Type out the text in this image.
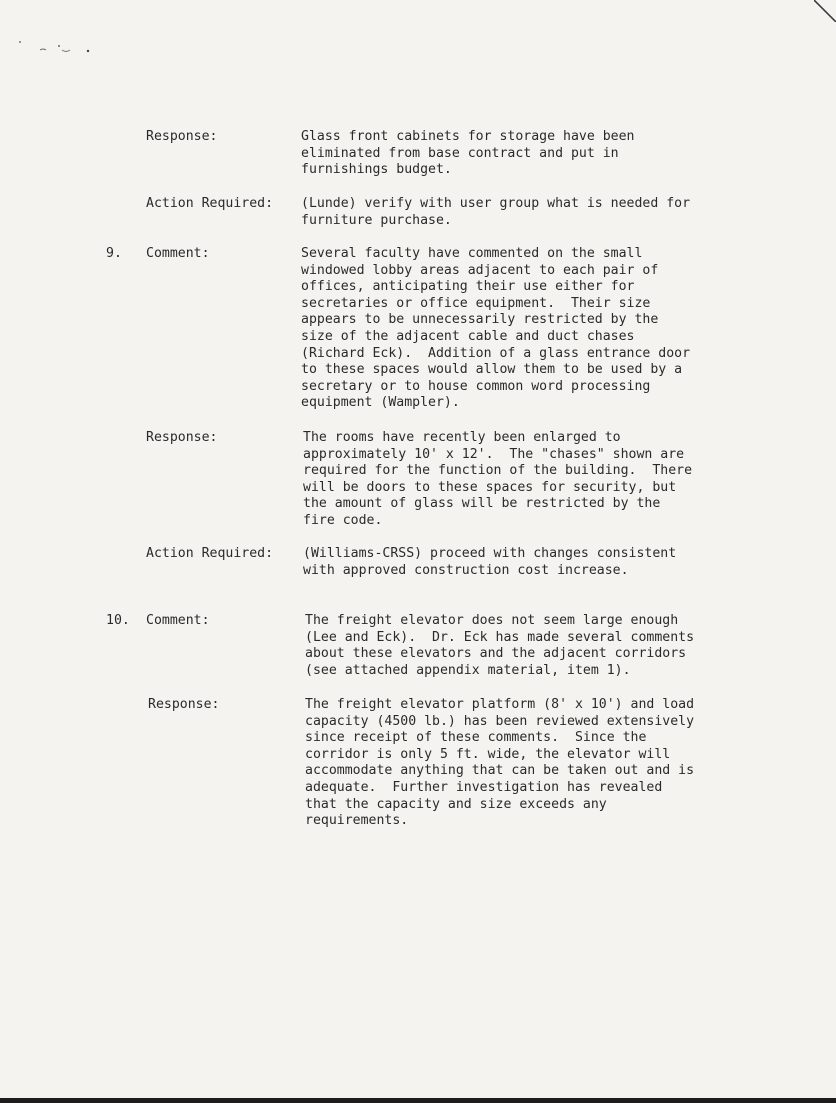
Response:	Glass front cabinets for storage have been
eliminated from base contract and put in
furnishings budget.
Action Required: (Lunde) verify with user group what is needed for
furniture purchase.
9. Comment:	Several faculty have commented on the small
windowed lobby areas adjacent to each pair of
offices, anticipating their use either for
secretaries or office equipment.  Their size
appears to be unnecessarily restricted by the
size of the adjacent cable and duct chases
(Richard Eck).  Addition of a glass entrance door
to these spaces would allow them to be used by a
secretary or to house common word processing
equipment (Wampler).
Response:	The rooms have recently been enlarged to
approximately 10' x 12'.  The "chases" shown are
required for the function of the building.  There
will be doors to these spaces for security, but
the amount of glass will be restricted by the
fire code.
Action Required: (Williams-CRSS) proceed with changes consistent
with approved construction cost increase.
10. Comment:	The freight elevator does not seem large enough
(Lee and Eck).  Dr. Eck has made several comments
about these elevators and the adjacent corridors
(see attached appendix material, item 1).
Response:	The freight elevator platform (8' x 10') and load
capacity (4500 lb.) has been reviewed extensively
since receipt of these comments.  Since the
corridor is only 5 ft. wide, the elevator will
accommodate anything that can be taken out and is
adequate.  Further investigation has revealed
that the capacity and size exceeds any
requirements.
